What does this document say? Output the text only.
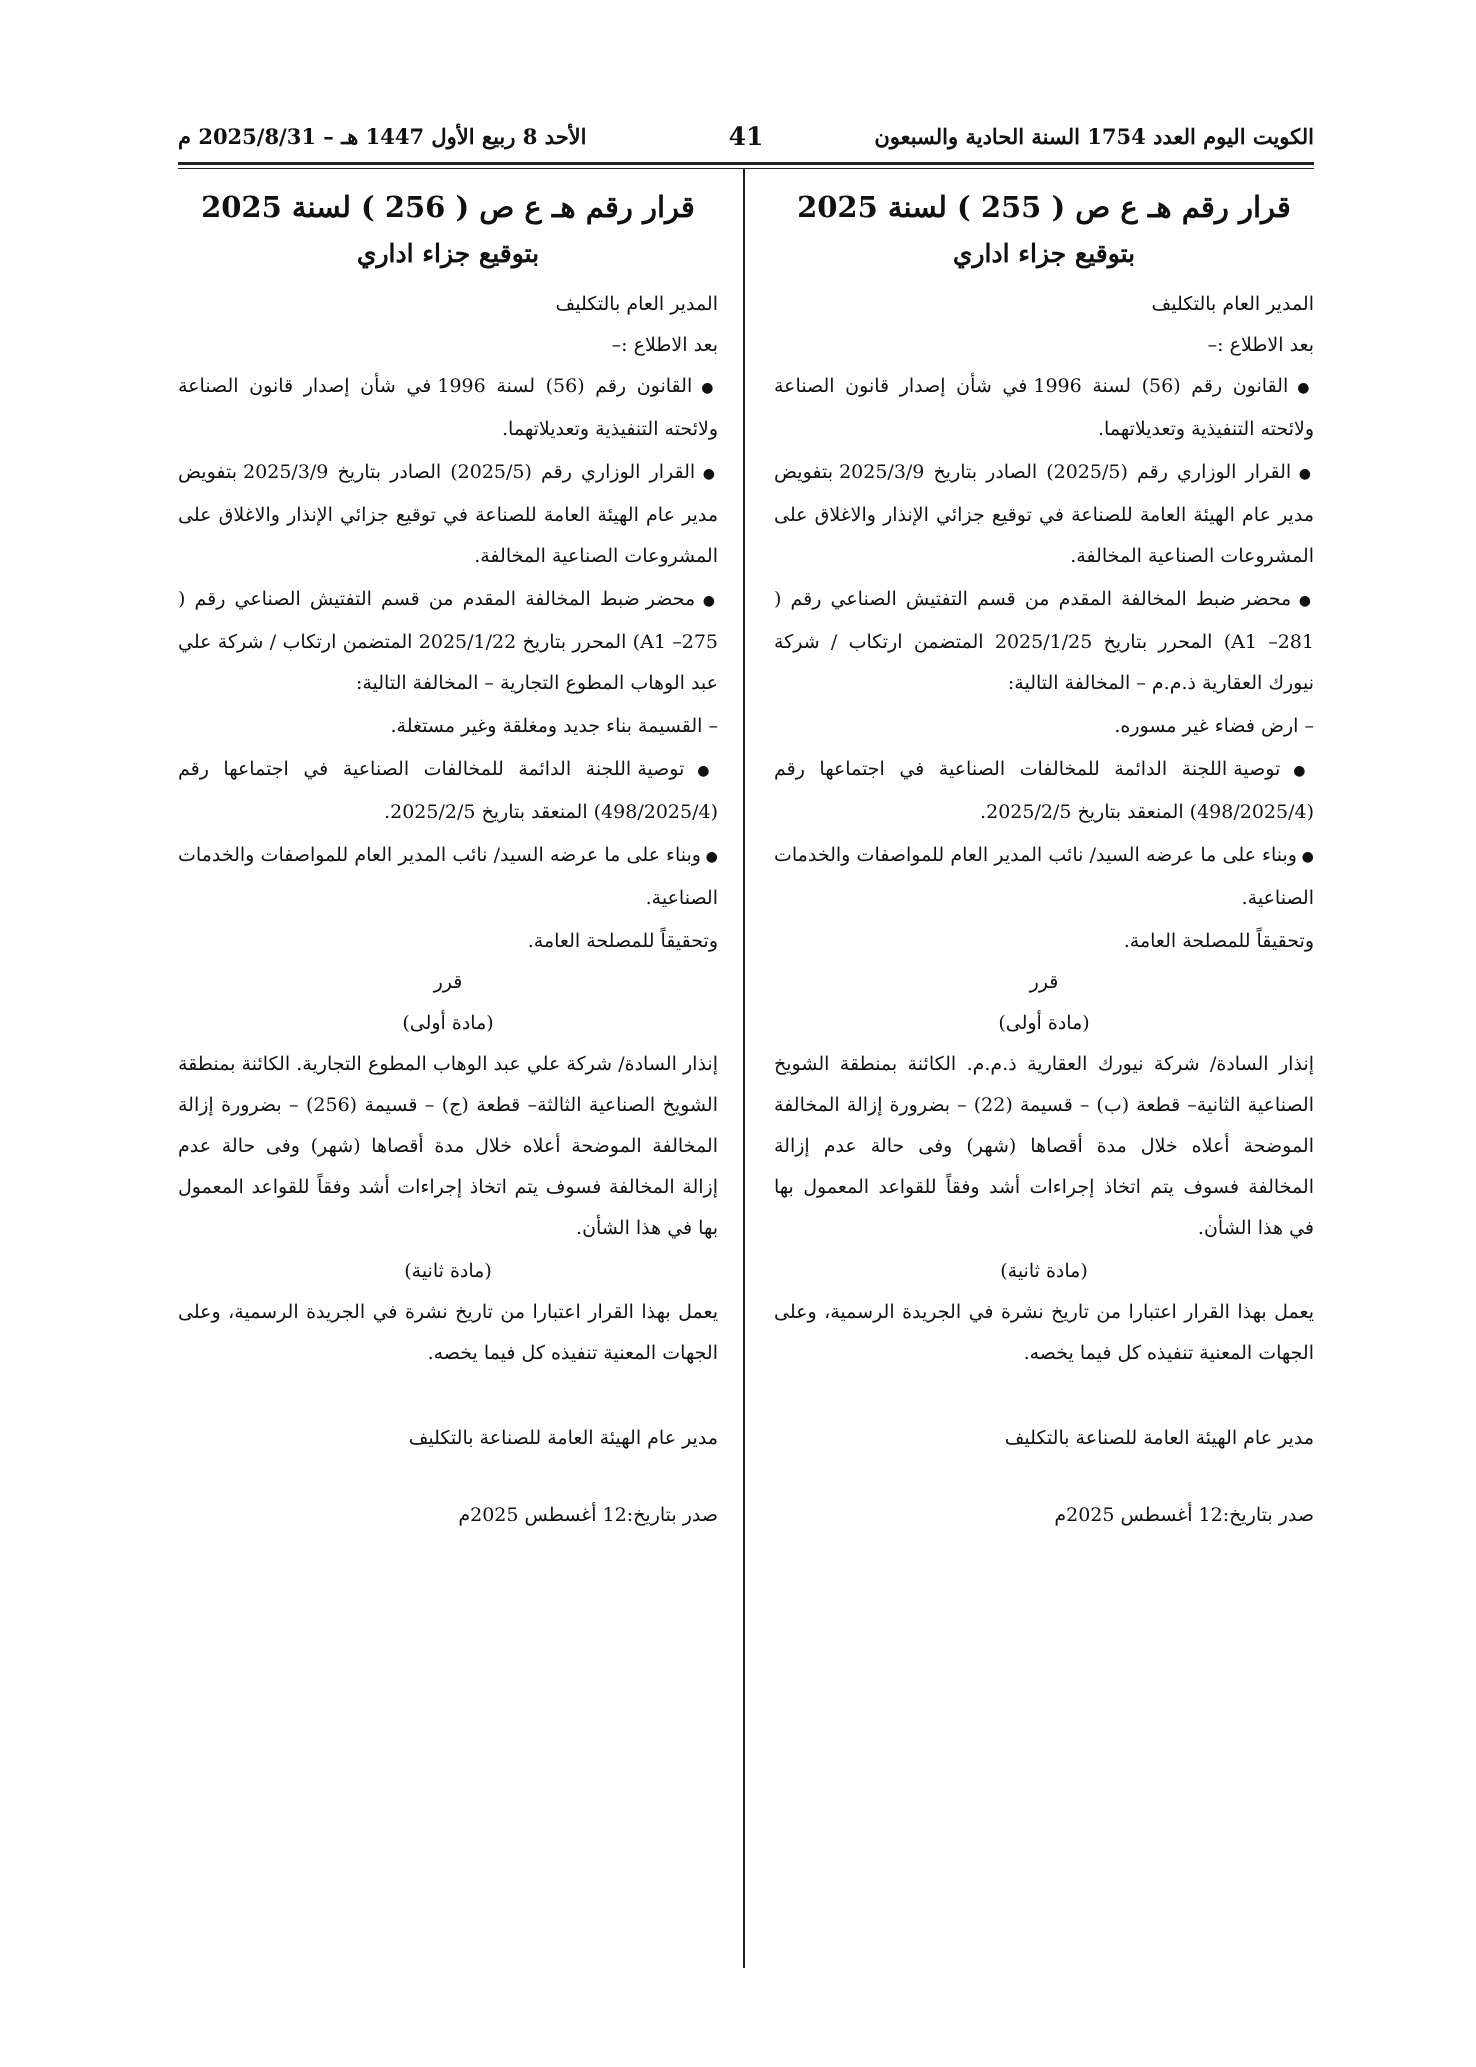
الكويت اليوم العدد 1754 السنة الحادية والسبعون
41
الأحد 8 ربيع الأول 1447 هـ – 2025/8/31 م
قرار رقم هـ ع ص ( 255 ) لسنة 2025
بتوقيع جزاء اداري

المدير العام بالتكليف

بعد الاطلاع :–

● القانون رقم (56) لسنة 1996 في شأن إصدار قانون الصناعة ولائحته التنفيذية وتعديلاتهما.

● القرار الوزاري رقم (2025/5) الصادر بتاريخ 2025/3/9 بتفويض مدير عام الهيئة العامة للصناعة في توقيع جزائي الإنذار والاغلاق على المشروعات الصناعية المخالفة.

● محضر ضبط المخالفة المقدم من قسم التفتيش الصناعي رقم ( A1 –281) المحرر بتاريخ 2025/1/25 المتضمن ارتكاب / شركة نيورك العقارية ذ.م.م – المخالفة التالية:

– ارض فضاء غير مسوره.

● توصية اللجنة الدائمة للمخالفات الصناعية في اجتماعها رقم (498/2025/4) المنعقد بتاريخ 2025/2/5.

● وبناء على ما عرضه السيد/ نائب المدير العام للمواصفات والخدمات الصناعية.

وتحقيقاً للمصلحة العامة.

قرر

(مادة أولى)

إنذار السادة/ شركة نيورك العقارية ذ.م.م. الكائنة بمنطقة الشويخ الصناعية الثانية– قطعة (ب) – قسيمة (22) – بضرورة إزالة المخالفة الموضحة أعلاه خلال مدة أقصاها (شهر) وفى حالة عدم إزالة المخالفة فسوف يتم اتخاذ إجراءات أشد وفقاً للقواعد المعمول بها في هذا الشأن.

(مادة ثانية)

يعمل بهذا القرار اعتبارا من تاريخ نشرة في الجريدة الرسمية، وعلى الجهات المعنية تنفيذه كل فيما يخصه.

مدير عام الهيئة العامة للصناعة بالتكليف

صدر بتاريخ:12 أغسطس 2025م

قرار رقم هـ ع ص ( 256 ) لسنة 2025
بتوقيع جزاء اداري

المدير العام بالتكليف

بعد الاطلاع :–

● القانون رقم (56) لسنة 1996 في شأن إصدار قانون الصناعة ولائحته التنفيذية وتعديلاتهما.

● القرار الوزاري رقم (2025/5) الصادر بتاريخ 2025/3/9 بتفويض مدير عام الهيئة العامة للصناعة في توقيع جزائي الإنذار والاغلاق على المشروعات الصناعية المخالفة.

● محضر ضبط المخالفة المقدم من قسم التفتيش الصناعي رقم ( A1 –275) المحرر بتاريخ 2025/1/22 المتضمن ارتكاب / شركة علي عبد الوهاب المطوع التجارية – المخالفة التالية:

– القسيمة بناء جديد ومغلقة وغير مستغلة.

● توصية اللجنة الدائمة للمخالفات الصناعية في اجتماعها رقم (498/2025/4) المنعقد بتاريخ 2025/2/5.

● وبناء على ما عرضه السيد/ نائب المدير العام للمواصفات والخدمات الصناعية.

وتحقيقاً للمصلحة العامة.

قرر

(مادة أولى)

إنذار السادة/ شركة علي عبد الوهاب المطوع التجارية. الكائنة بمنطقة الشويخ الصناعية الثالثة– قطعة (ج) – قسيمة (256) – بضرورة إزالة المخالفة الموضحة أعلاه خلال مدة أقصاها (شهر) وفى حالة عدم إزالة المخالفة فسوف يتم اتخاذ إجراءات أشد وفقاً للقواعد المعمول بها في هذا الشأن.

(مادة ثانية)

يعمل بهذا القرار اعتبارا من تاريخ نشرة في الجريدة الرسمية، وعلى الجهات المعنية تنفيذه كل فيما يخصه.

مدير عام الهيئة العامة للصناعة بالتكليف

صدر بتاريخ:12 أغسطس 2025م
